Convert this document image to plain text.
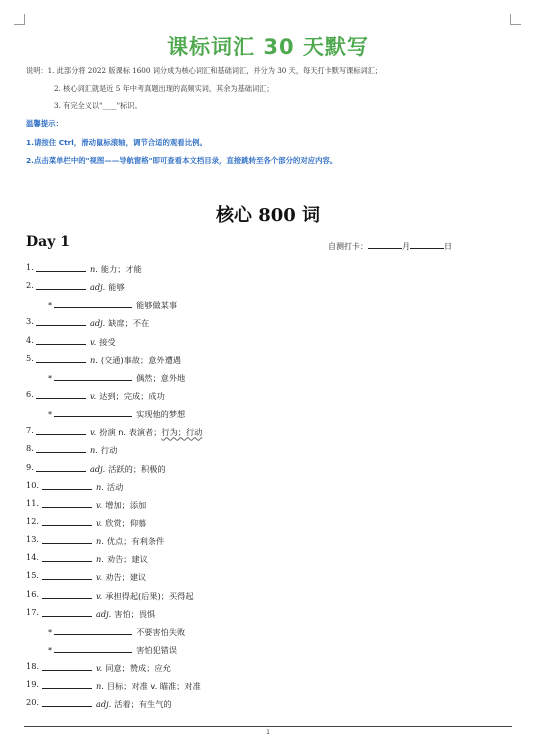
课标词汇 30 天默写
说明：1. 此部分将 2022 版课标 1600 词分成为核心词汇和基础词汇，并分为 30 天，每天打卡默写课标词汇；
2. 核心词汇就是近 5 年中考真题出现的高频实词，其余为基础词汇；
3. 有完全义以"____"标识。
温馨提示：
1.请按住 Ctrl，滑动鼠标滚轴，调节合适的观看比例。
2.点击菜单栏中的"视图——导航窗格"即可查看本文档目录，直接跳转至各个部分的对应内容。
核心 800 词
Day 1	自测打卡：	月	日
1.	n. 能力；才能
2.	adj. 能够
*	能够做某事
3.	adj. 缺席；不在
4.	v. 接受
5.	n. (交通)事故；意外遭遇
*	偶然；意外地
6.	v. 达到；完成；成功
*	实现他的梦想
7.	v. 扮演 n. 表演者；行为；行动
8.	n. 行动
9.	adj. 活跃的；积极的
10.	n. 活动
11.	v. 增加；添加
12.	v. 欣赏；仰慕
13.	n. 优点；有利条件
14.	n. 劝告；建议
15.	v. 劝告；建议
16.	v. 承担得起(后果)；买得起
17.	adj. 害怕；畏惧
*	不要害怕失败
*	害怕犯错误
18.	v. 同意；赞成；应允
19.	n. 目标；对准 v. 瞄准；对准
20.	adj. 活着；有生气的
1
